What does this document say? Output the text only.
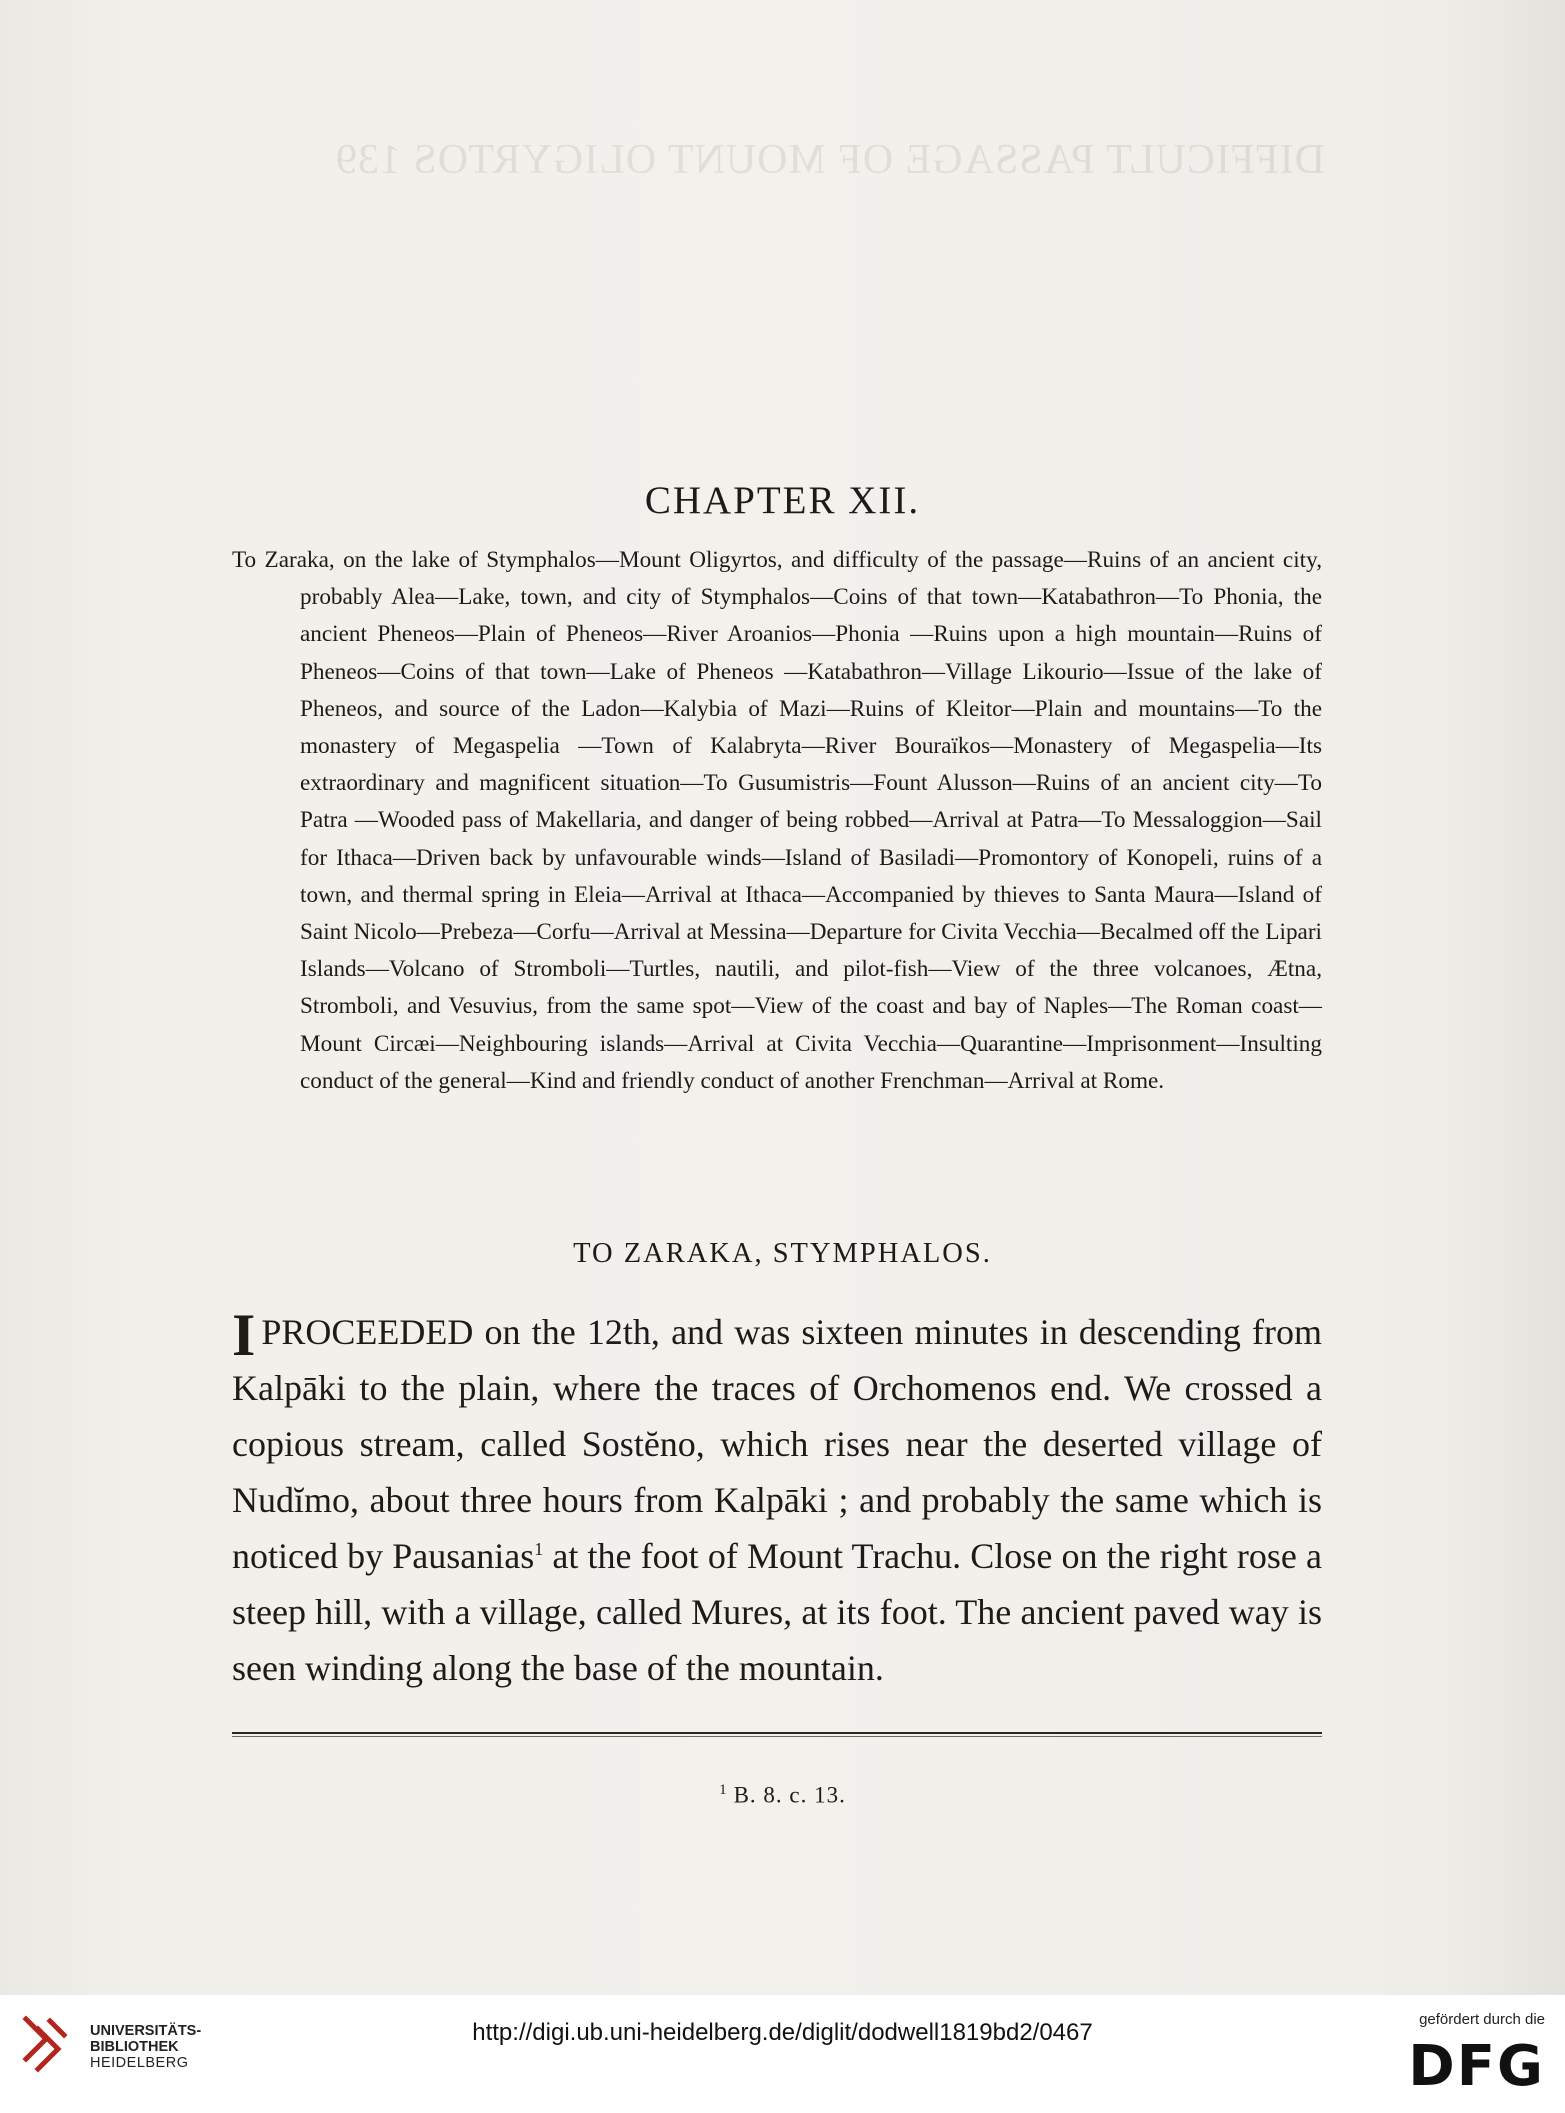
DIFFICULT PASSAGE OF MOUNT OLIGYRTOS 139
CHAPTER XII.

To Zaraka, on the lake of Stymphalos—Mount Oligyrtos, and difficulty of the passage—Ruins of an ancient city, probably Alea—Lake, town, and city of Stymphalos—Coins of that town—Katabathron—To Phonia, the ancient Pheneos—Plain of Pheneos—River Aroanios—Phonia —Ruins upon a high mountain—Ruins of Pheneos—Coins of that town—Lake of Pheneos —Katabathron—Village Likourio—Issue of the lake of Pheneos, and source of the Ladon—Kalybia of Mazi—Ruins of Kleitor—Plain and mountains—To the monastery of Megaspelia —Town of Kalabryta—River Bouraïkos—Monastery of Megaspelia—Its extraordinary and magnificent situation—To Gusumistris—Fount Alusson—Ruins of an ancient city—To Patra —Wooded pass of Makellaria, and danger of being robbed—Arrival at Patra—To Messaloggion—Sail for Ithaca—Driven back by unfavourable winds—Island of Basiladi—Promontory of Konopeli, ruins of a town, and thermal spring in Eleia—Arrival at Ithaca—Accompanied by thieves to Santa Maura—Island of Saint Nicolo—Prebeza—Corfu—Arrival at Messina—Departure for Civita Vecchia—Becalmed off the Lipari Islands—Volcano of Stromboli—Turtles, nautili, and pilot-fish—View of the three volcanoes, Ætna, Stromboli, and Vesuvius, from the same spot—View of the coast and bay of Naples—The Roman coast—Mount Circæi—Neighbouring islands—Arrival at Civita Vecchia—Quarantine—Imprisonment—Insulting conduct of the general—Kind and friendly conduct of another Frenchman—Arrival at Rome.

TO ZARAKA, STYMPHALOS.
I PROCEEDED on the 12th, and was sixteen minutes in descending from Kalpāki to the plain, where the traces of Orchomenos end. We crossed a copious stream, called Sostĕno, which rises near the deserted village of Nudĭmo, about three hours from Kalpāki ; and probably the same which is noticed by Pausanias$^1$ at the foot of Mount Trachu. Close on the right rose a steep hill, with a village, called Mures, at its foot. The ancient paved way is seen winding along the base of the mountain.
$^1$ B. 8. c. 13.
UNIVERSITÄTS-
BIBLIOTHEK
HEIDELBERG
http://digi.ub.uni-heidelberg.de/diglit/dodwell1819bd2/0467	gefördert durch die
DFG
